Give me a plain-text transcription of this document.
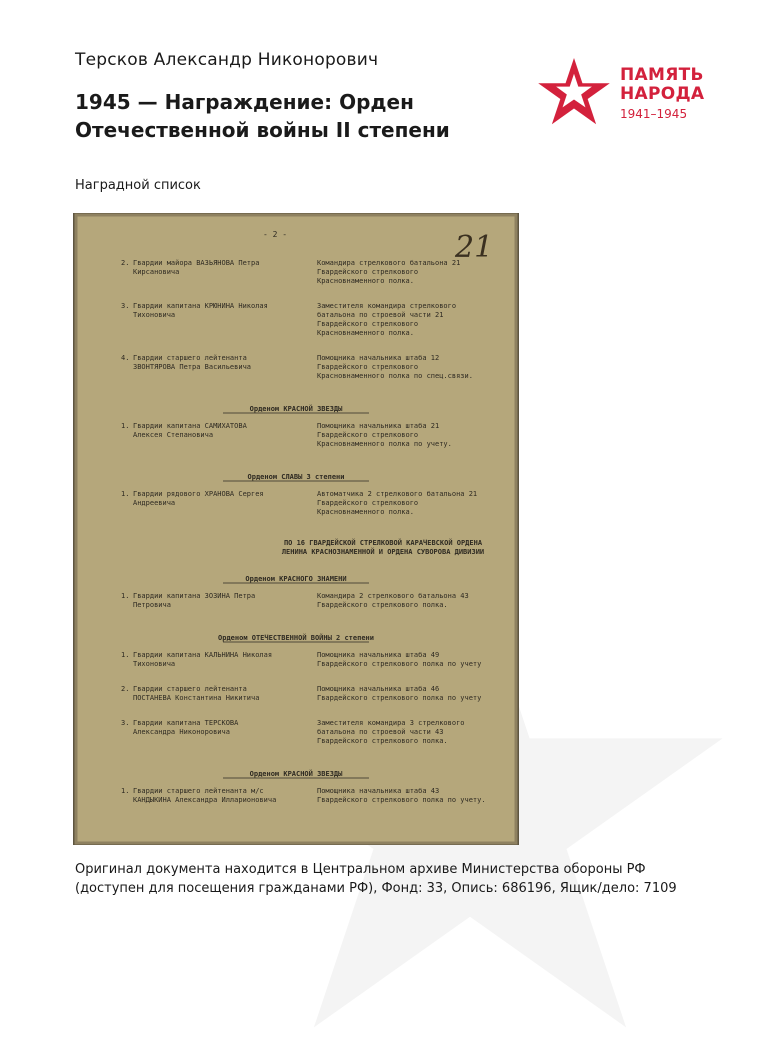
Терсков Александр Никонорович
1945 — Награждение: Орден Отечественной войны II степени
ПАМЯТЬ
НАРОДА
1941–1945
Наградной список
- 2 -	21
2. Гвардии майора ВАЗЬЯНОВА Петра
Кирсановича
Командира стрелкового батальона 21
Гвардейского стрелкового
Красновнаменного полка.
3. Гвардии капитана КРЮНИНА Николая
Тихоновича
Заместителя командира стрелкового
батальона по строевой части 21
Гвардейского стрелкового
Красновнаменного полка.
4. Гвардии старшего лейтенанта
ЗВОНТЯРОВА Петра Васильевича
Помощника начальника штаба 12
Гвардейского стрелкового
Красновнаменного полка по спец.связи.
Орденом КРАСНОЙ ЗВЕЗДЫ
1. Гвардии капитана САМИХАТОВА
Алексея Степановича
Помощника начальника штаба 21
Гвардейского стрелкового
Красновнаменного полка по учету.
Орденом СЛАВЫ 3 степени
1. Гвардии рядового ХРАНОВА Сергея
Андреевича
Автоматчика 2 стрелкового батальона 21
Гвардейского стрелкового
Красновнаменного полка.
ПО 16 ГВАРДЕЙСКОЙ СТРЕЛКОВОЙ КАРАЧЕВСКОЙ ОРДЕНА
ЛЕНИНА КРАСНОЗНАМЕННОЙ И ОРДЕНА СУВОРОВА ДИВИЗИИ
Орденом КРАСНОГО ЗНАМЕНИ
1. Гвардии капитана ЗОЗИНА Петра
Петровича
Командира 2 стрелкового батальона 43
Гвардейского стрелкового полка.
Орденом ОТЕЧЕСТВЕННОЙ ВОЙНЫ 2 степени
1. Гвардии капитана КАЛЬНИНА Николая
Тихоновича
Помощника начальника штаба 49
Гвардейского стрелкового полка по учету
2. Гвардии старшего лейтенанта
ПОСТАНЕВА Константина Никитича
Помощника начальника штаба 46
Гвардейского стрелкового полка по учету
3. Гвардии капитана ТЕРСКОВА
Александра Никоноровича
Заместителя командира 3 стрелкового
батальона по строевой части 43
Гвардейского стрелкового полка.
Орденом КРАСНОЙ ЗВЕЗДЫ
1. Гвардии старшего лейтенанта м/с
КАНДЫКИНА Александра Илларионовича
Помощника начальника штаба 43
Гвардейского стрелкового полка по учету.
Оригинал документа находится в Центральном архиве Министерства обороны РФ (доступен для посещения гражданами РФ), Фонд: 33, Опись: 686196, Ящик/дело: 7109
